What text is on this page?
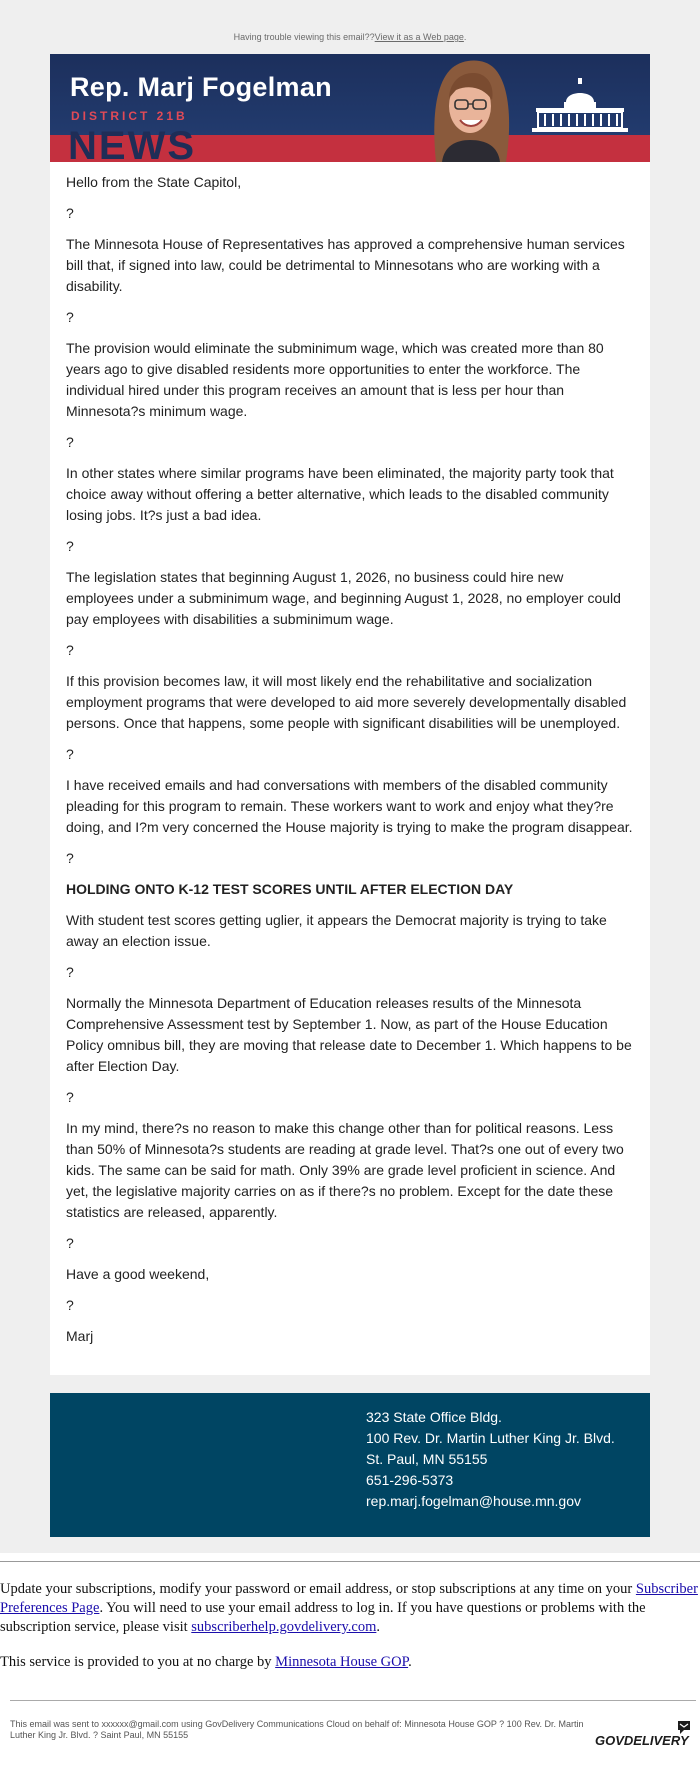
Having trouble viewing this email??View it as a Web page.
Rep. Marj Fogelman
DISTRICT 21B
NEWS

Hello from the State Capitol,

?

The Minnesota House of Representatives has approved a comprehensive human services bill that, if signed into law, could be detrimental to Minnesotans who are working with a disability.

?

The provision would eliminate the subminimum wage, which was created more than 80 years ago to give disabled residents more opportunities to enter the workforce. The individual hired under this program receives an amount that is less per hour than Minnesota?s minimum wage.

?

In other states where similar programs have been eliminated, the majority party took that choice away without offering a better alternative, which leads to the disabled community losing jobs. It?s just a bad idea.

?

The legislation states that beginning August 1, 2026, no business could hire new employees under a subminimum wage, and beginning August 1, 2028, no employer could pay employees with disabilities a subminimum wage.

?

If this provision becomes law, it will most likely end the rehabilitative and socialization employment programs that were developed to aid more severely developmentally disabled persons. Once that happens, some people with significant disabilities will be unemployed.

?

I have received emails and had conversations with members of the disabled community pleading for this program to remain. These workers want to work and enjoy what they?re doing, and I?m very concerned the House majority is trying to make the program disappear.

?

HOLDING ONTO K-12 TEST SCORES UNTIL AFTER ELECTION DAY

With student test scores getting uglier, it appears the Democrat majority is trying to take away an election issue.

?

Normally the Minnesota Department of Education releases results of the Minnesota Comprehensive Assessment test by September 1. Now, as part of the House Education Policy omnibus bill, they are moving that release date to December 1. Which happens to be after Election Day.

?

In my mind, there?s no reason to make this change other than for political reasons. Less than 50% of Minnesota?s students are reading at grade level. That?s one out of every two kids. The same can be said for math. Only 39% are grade level proficient in science. And yet, the legislative majority carries on as if there?s no problem. Except for the date these statistics are released, apparently.

?

Have a good weekend,

?

Marj

323 State Office Bldg.
100 Rev. Dr. Martin Luther King Jr. Blvd.
St. Paul, MN 55155
651-296-5373
rep.marj.fogelman@house.mn.gov

Update your subscriptions, modify your password or email address, or stop subscriptions at any time on your Subscriber Preferences Page. You will need to use your email address to log in. If you have questions or problems with the subscription service, please visit subscriberhelp.govdelivery.com.

This service is provided to you at no charge by Minnesota House GOP.

This email was sent to xxxxxx@gmail.com using GovDelivery Communications Cloud on behalf of: Minnesota House GOP ? 100 Rev. Dr. Martin Luther King Jr. Blvd. ? Saint Paul, MN 55155	GOVDELIVERY
